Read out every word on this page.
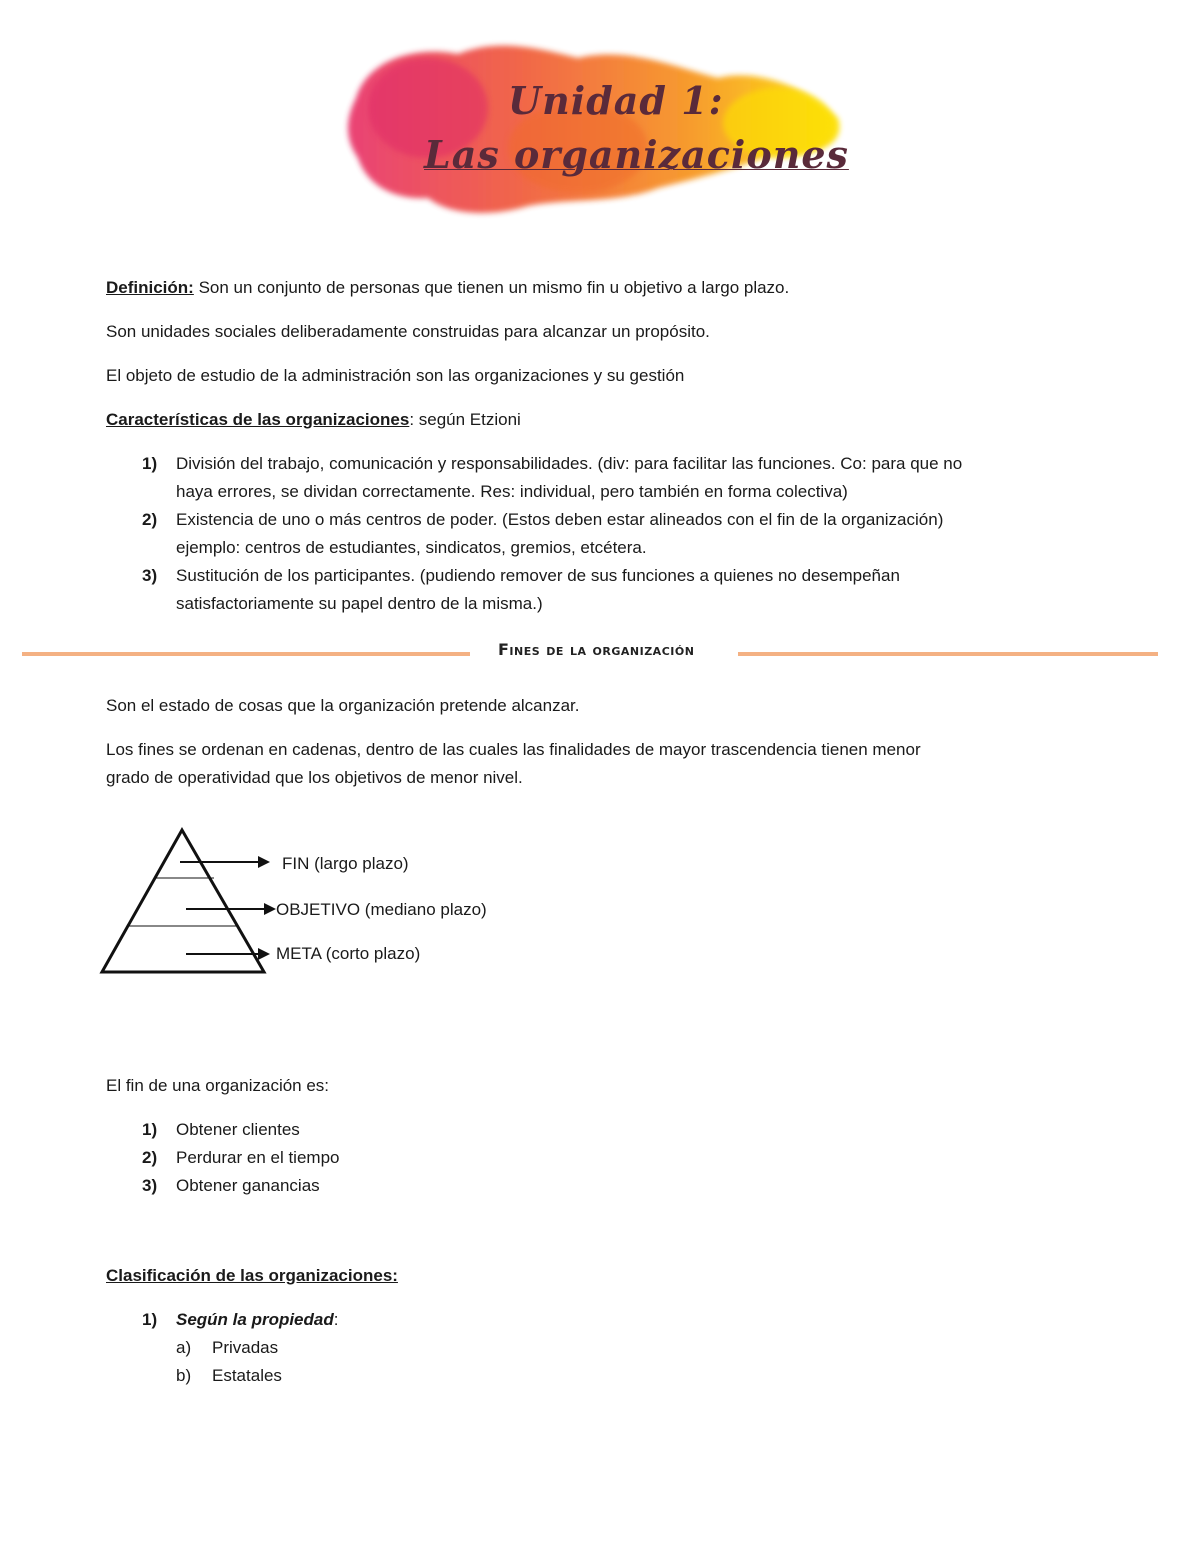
Unidad 1:
Las organizaciones
Definición: Son un conjunto de personas que tienen un mismo fin u objetivo a largo plazo.
Son unidades sociales deliberadamente construidas para alcanzar un propósito.
El objeto de estudio de la administración son las organizaciones y su gestión
Características de las organizaciones: según Etzioni
1) División del trabajo, comunicación y responsabilidades. (div: para facilitar las funciones. Co: para que no
haya errores, se dividan correctamente. Res: individual, pero también en forma colectiva)
2) Existencia de uno o más centros de poder. (Estos deben estar alineados con el fin de la organización)
ejemplo: centros de estudiantes, sindicatos, gremios, etcétera.
3) Sustitución de los participantes. (pudiendo remover de sus funciones a quienes no desempeñan
satisfactoriamente su papel dentro de la misma.)
Fines de la organización
Son el estado de cosas que la organización pretende alcanzar.
Los fines se ordenan en cadenas, dentro de las cuales las finalidades de mayor trascendencia tienen menor
grado de operatividad que los objetivos de menor nivel.
FIN (largo plazo)
OBJETIVO (mediano plazo)
META (corto plazo)
El fin de una organización es:
1) Obtener clientes
2) Perdurar en el tiempo
3) Obtener ganancias
Clasificación de las organizaciones:
1) Según la propiedad:
a) Privadas
b) Estatales
